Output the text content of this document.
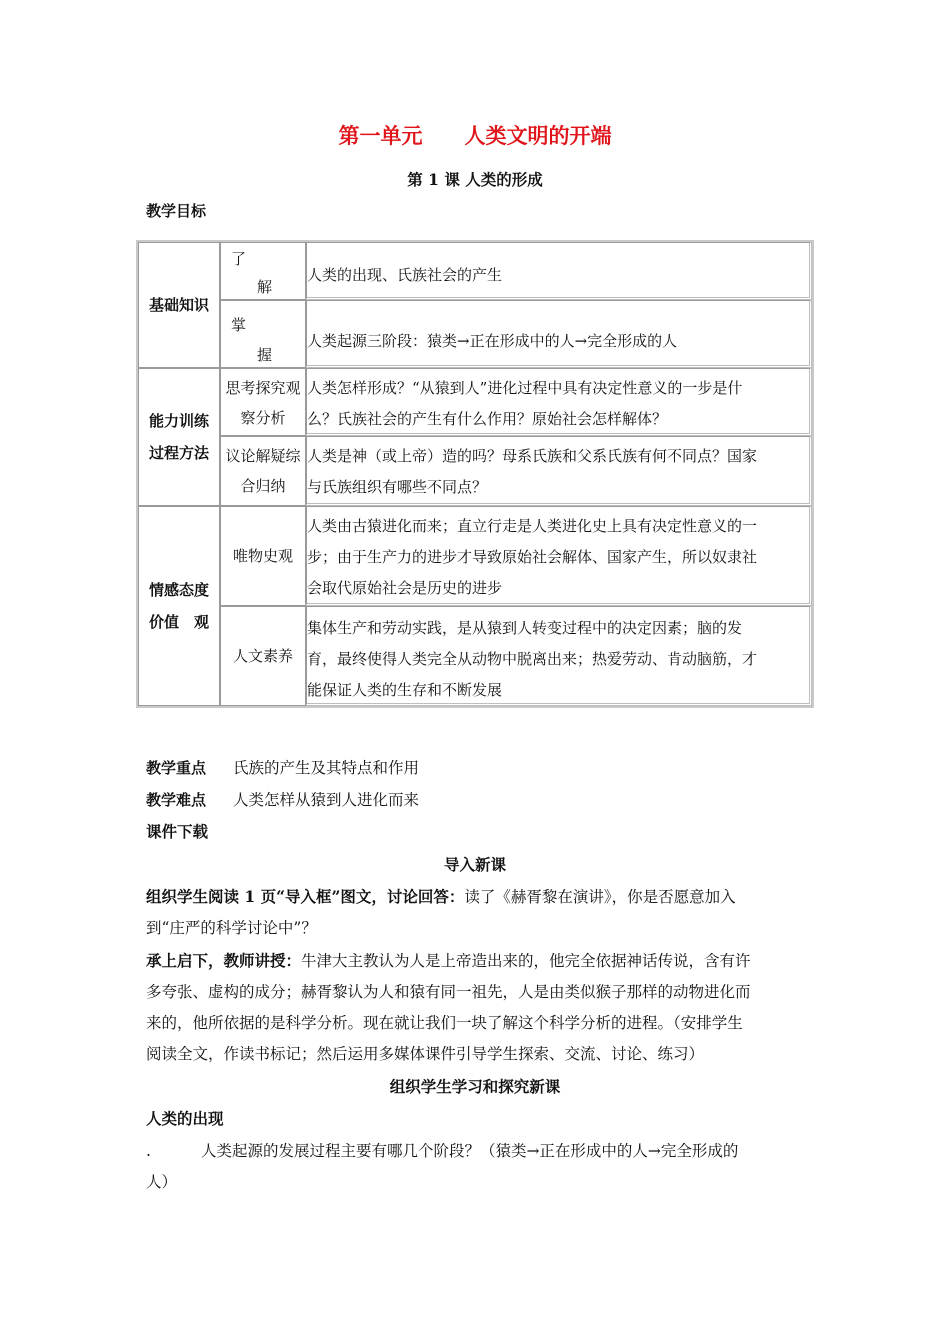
第一单元 人类文明的开端
第 1 课 人类的形成
教学目标
基础知识
了
解
人类的出现、氏族社会的产生
掌
握
人类起源三阶段：猿类→正在形成中的人→完全形成的人
能力训练
过程方法
思考探究观
察分析
人类怎样形成？“从猿到人”进化过程中具有决定性意义的一步是什
么？氏族社会的产生有什么作用？原始社会怎样解体？
议论解疑综
合归纳
人类是神（或上帝）造的吗？母系氏族和父系氏族有何不同点？国家
与氏族组织有哪些不同点？
情感态度
价值　观
唯物史观
人类由古猿进化而来；直立行走是人类进化史上具有决定性意义的一
步；由于生产力的进步才导致原始社会解体、国家产生，所以奴隶社
会取代原始社会是历史的进步
人文素养
集体生产和劳动实践，是从猿到人转变过程中的决定因素；脑的发
育，最终使得人类完全从动物中脱离出来；热爱劳动、肯动脑筋，才
能保证人类的生存和不断发展
教学重点 氏族的产生及其特点和作用
教学难点 人类怎样从猿到人进化而来
课件下载
导入新课
组织学生阅读 1 页“导入框”图文，讨论回答：读了《赫胥黎在演讲》，你是否愿意加入
到“庄严的科学讨论中”？
承上启下，教师讲授：牛津大主教认为人是上帝造出来的，他完全依据神话传说，含有许
多夸张、虚构的成分；赫胥黎认为人和猿有同一祖先，人是由类似猴子那样的动物进化而
来的，他所依据的是科学分析。现在就让我们一块了解这个科学分析的进程。（安排学生
阅读全文，作读书标记；然后运用多媒体课件引导学生探索、交流、讨论、练习）
组织学生学习和探究新课
人类的出现
.	人类起源的发展过程主要有哪几个阶段？（猿类→正在形成中的人→完全形成的
人）
